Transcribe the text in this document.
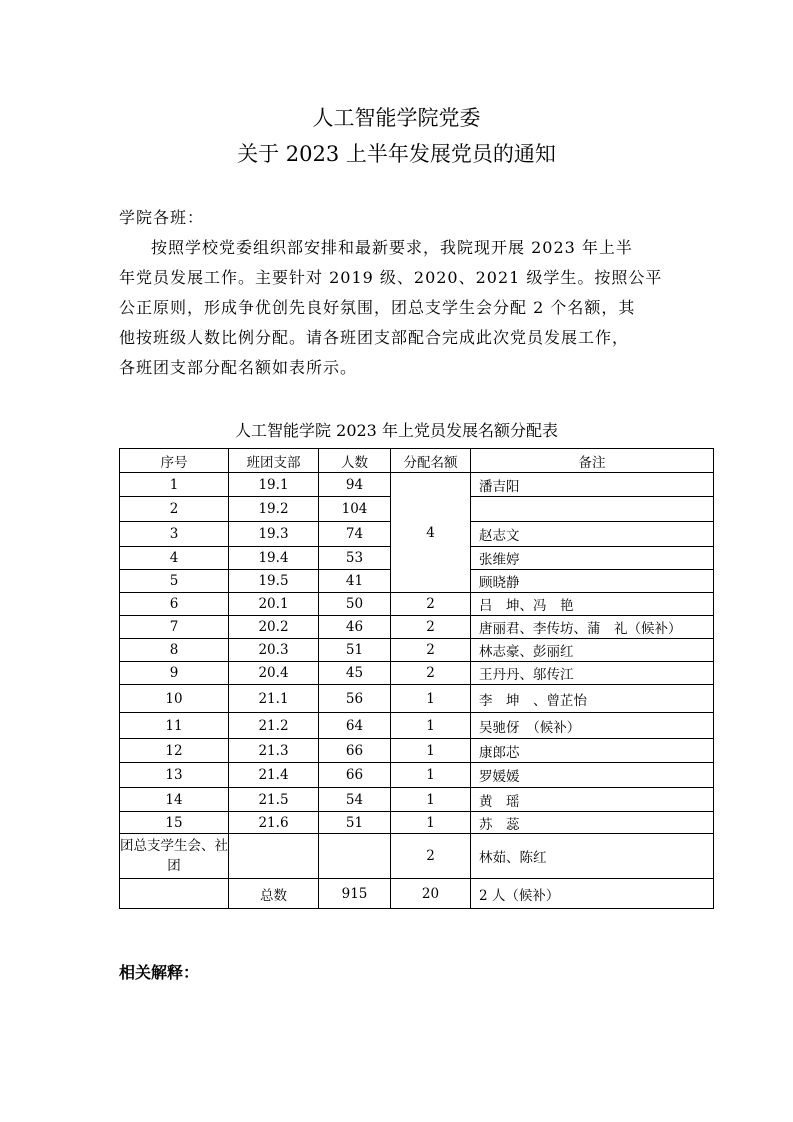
人工智能学院党委
关于 2023 上半年发展党员的通知
学院各班：
按照学校党委组织部安排和最新要求，我院现开展 2023 年上半
年党员发展工作。主要针对 2019 级、2020、2021 级学生。按照公平
公正原则，形成争优创先良好氛围，团总支学生会分配 2 个名额，其
他按班级人数比例分配。请各班团支部配合完成此次党员发展工作，
各班团支部分配名额如表所示。
人工智能学院 2023 年上党员发展名额分配表
序号	班团支部	人数	分配名额	备注
1	19.1	94	4	潘吉阳
2	19.2	104		
3	19.3	74		赵志文
4	19.4	53		张维婷
5	19.5	41		顾晓静
6	20.1	50	2	吕　坤、冯　艳
7	20.2	46	2	唐丽君、李传坊、蒲　礼（候补）
8	20.3	51	2	林志豪、彭丽红
9	20.4	45	2	王丹丹、邬传江
10	21.1	56	1	李　坤　、曾芷怡
11	21.2	64	1	吴驰伢　（候补）
12	21.3	66	1	康郎芯
13	21.4	66	1	罗媛媛
14	21.5	54	1	黄　瑶
15	21.6	51	1	苏　蕊
团总支学生会、社团			2	林茹、陈红
	总数	915	20	2 人（候补）
相关解释：
